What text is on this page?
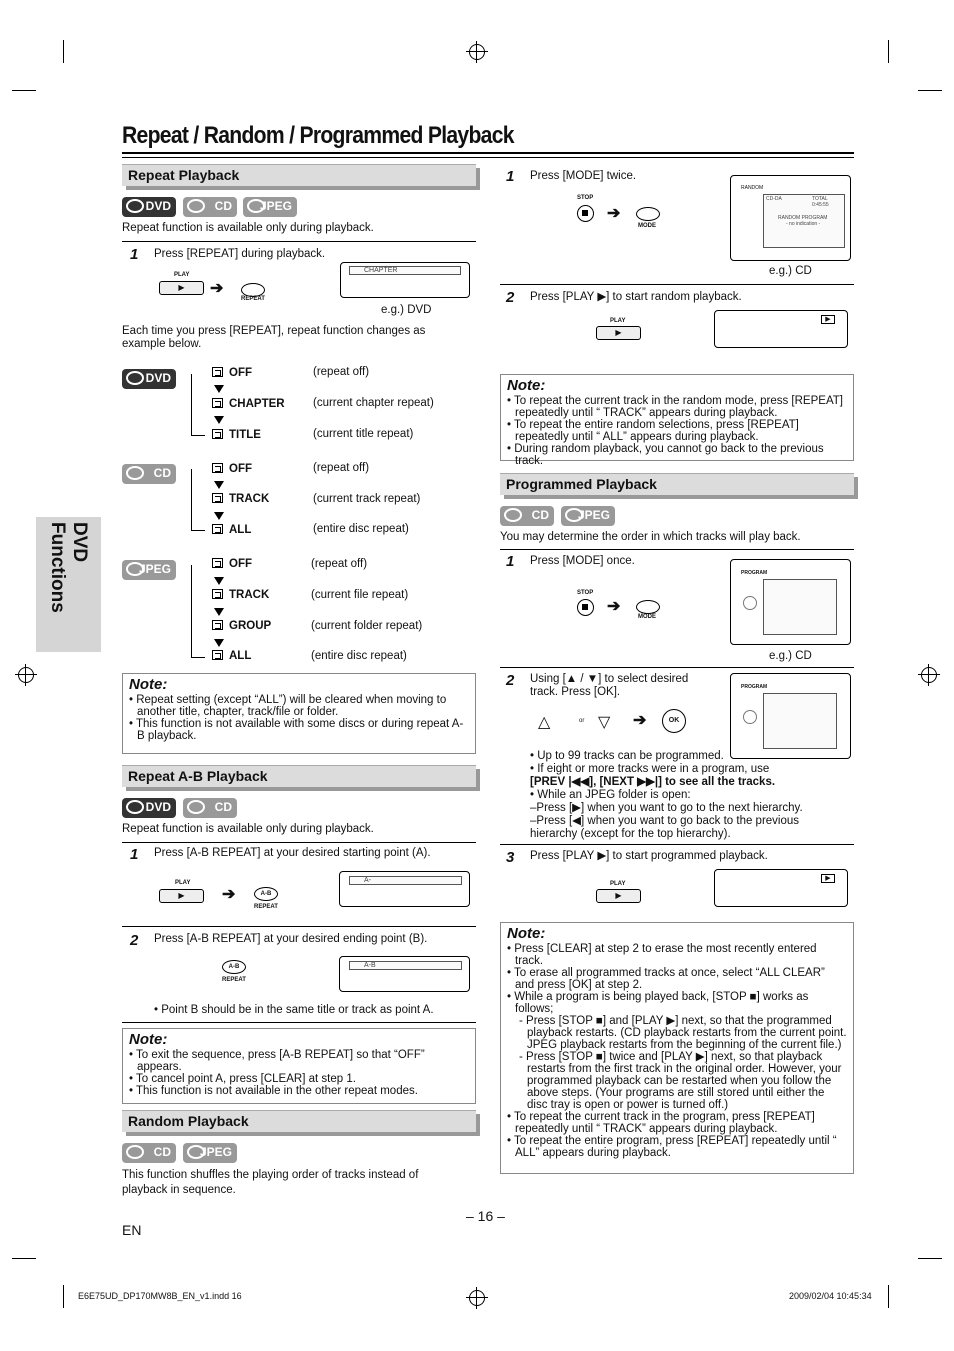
Repeat / Random / Programmed Playback
DVD Functions
Repeat Playback
DVD	CD	JPEG
Repeat function is available only during playback.
1 Press [REPEAT] during playback.
PLAY
▶	➔
REPEAT
CHAPTER
e.g.) DVD
Each time you press [REPEAT], repeat function changes as example below.
DVD	OFF	(repeat off)
CHAPTER (current chapter repeat)
TITLE	(current title repeat)
CD	OFF	(repeat off)
TRACK	(current track repeat)
ALL	(entire disc repeat)
JPEG	OFF	(repeat off)
TRACK	(current file repeat)
GROUP	(current folder repeat)
ALL	(entire disc repeat)
Note:
• Repeat setting (except “ALL”) will be cleared when moving to another title, chapter, track/file or folder.
• This function is not available with some discs or during repeat A-B playback.
Repeat A-B Playback
DVD	CD
Repeat function is available only during playback.
1 Press [A-B REPEAT] at your desired starting point (A).
PLAY
▶	➔	A-B
REPEAT
A-
2 Press [A-B REPEAT] at your desired ending point (B).
A-B
REPEAT
A-B
• Point B should be in the same title or track as point A.
Note:
• To exit the sequence, press [A-B REPEAT] so that “OFF” appears.
• To cancel point A, press [CLEAR] at step 1.
• This function is not available in the other repeat modes.
Random Playback
CD	JPEG
This function shuffles the playing order of tracks instead of playback in sequence.
1 Press [MODE] twice.
STOP
➔
MODE
RANDOM
CD-DA	TOTAL 0:45:55
RANDOM PROGRAM
- no indication -
e.g.) CD
2 Press [PLAY ▶] to start random playback.
PLAY
▶
▶
Note:
• To repeat the current track in the random mode, press [REPEAT] repeatedly until “ TRACK” appears during playback.
• To repeat the entire random selections, press [REPEAT] repeatedly until “ ALL” appears during playback.
• During random playback, you cannot go back to the previous track.
Programmed Playback
CD	JPEG
You may determine the order in which tracks will play back.
1 Press [MODE] once.
STOP
➔
MODE
PROGRAM
e.g.) CD
2 Using [▲ / ▼] to select desired track. Press [OK].
△	or ▽ ➔	OK
PROGRAM
• Up to 99 tracks can be programmed.
• If eight or more tracks were in a program, use
[PREV |◀◀], [NEXT ▶▶|] to see all the tracks.
• While an JPEG folder is open:
–Press [▶] when you want to go to the next hierarchy.
–Press [◀] when you want to go back to the previous
hierarchy (except for the top hierarchy).
3 Press [PLAY ▶] to start programmed playback.
PLAY
▶
▶
Note:
• Press [CLEAR] at step 2 to erase the most recently entered track.
• To erase all programmed tracks at once, select “ALL CLEAR” and press [OK] at step 2.
• While a program is being played back, [STOP ■] works as follows;
- Press [STOP ■] and [PLAY ▶] next, so that the programmed playback restarts. (CD playback restarts from the current point. JPEG playback restarts from the beginning of the current file.)
- Press [STOP ■] twice and [PLAY ▶] next, so that playback restarts from the first track in the original order. However, your programmed playback can be restarted when you follow the above steps. (Your programs are still stored until either the disc tray is open or power is turned off.)
• To repeat the current track in the program, press [REPEAT] repeatedly until “ TRACK” appears during playback.
• To repeat the entire program, press [REPEAT] repeatedly until “ ALL” appears during playback.
– 16 –
EN
E6E75UD_DP170MW8B_EN_v1.indd 16	2009/02/04 10:45:34
